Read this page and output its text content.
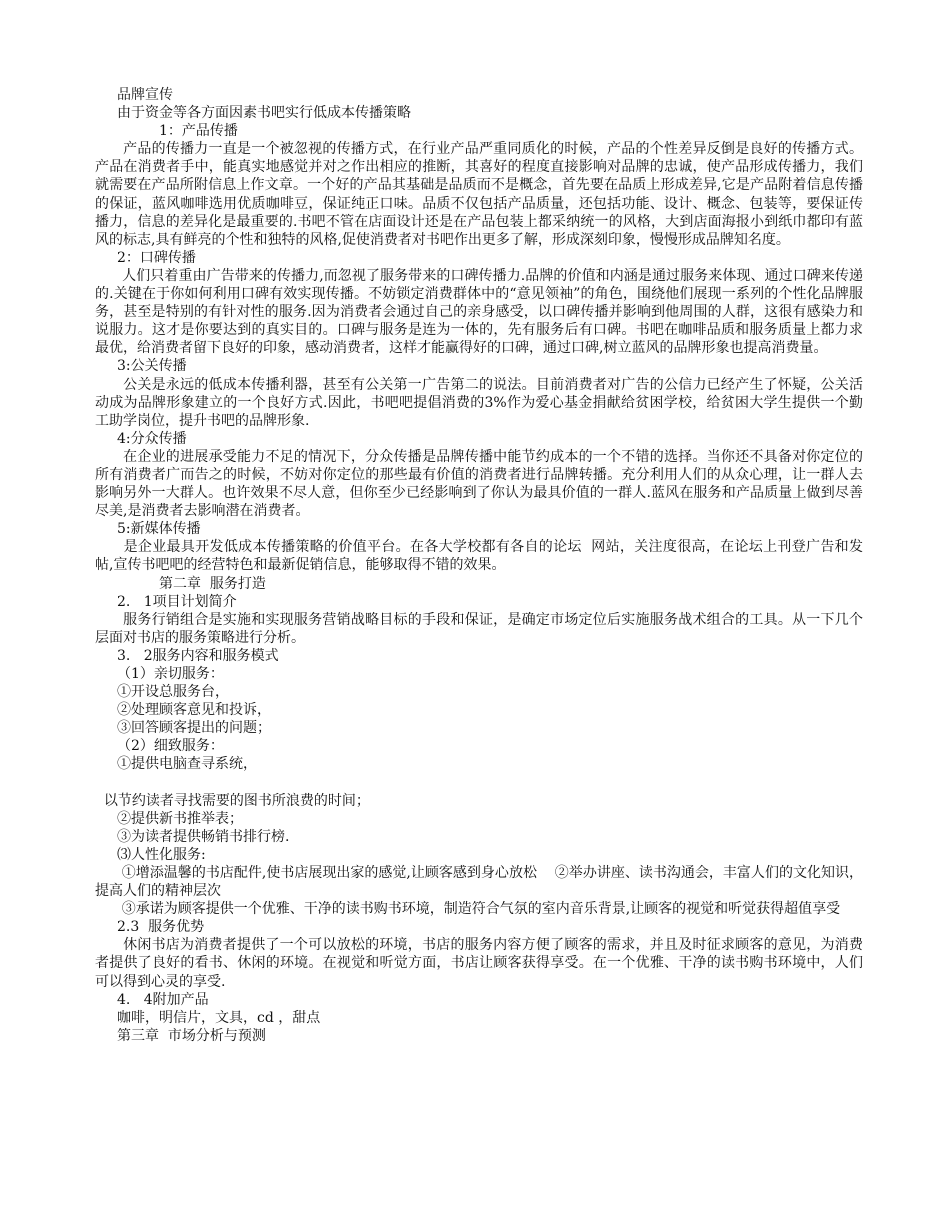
品牌宣传
由于资金等各方面因素书吧实行低成本传播策略
1：产品传播
产品的传播力一直是一个被忽视的传播方式，在行业产品严重同质化的时候，产品的个性差异反倒是良好的传播方式。产品在消费者手中，能真实地感觉并对之作出相应的推断，其喜好的程度直接影响对品牌的忠诚，使产品形成传播力，我们就需要在产品所附信息上作文章。一个好的产品其基础是品质而不是概念，首先要在品质上形成差异,它是产品附着信息传播的保证，蓝风咖啡选用优质咖啡豆，保证纯正口味。品质不仅包括产品质量，还包括功能、设计、概念、包装等，要保证传播力，信息的差异化是最重要的.书吧不管在店面设计还是在产品包装上都采纳统一的风格，大到店面海报小到纸巾都印有蓝风的标志,具有鲜亮的个性和独特的风格,促使消费者对书吧作出更多了解，形成深刻印象，慢慢形成品牌知名度。
2：口碑传播
人们只着重由广告带来的传播力,而忽视了服务带来的口碑传播力.品牌的价值和内涵是通过服务来体现、通过口碑来传递的.关键在于你如何利用口碑有效实现传播。不妨锁定消费群体中的“意见领袖”的角色，围绕他们展现一系列的个性化品牌服务，甚至是特别的有针对性的服务.因为消费者会通过自己的亲身感受，以口碑传播并影响到他周围的人群，这很有感染力和说服力。这才是你要达到的真实目的。口碑与服务是连为一体的，先有服务后有口碑。书吧在咖啡品质和服务质量上都力求最优，给消费者留下良好的印象，感动消费者，这样才能赢得好的口碑，通过口碑,树立蓝风的品牌形象也提高消费量。
3:公关传播
公关是永远的低成本传播利器，甚至有公关第一广告第二的说法。目前消费者对广告的公信力已经产生了怀疑，公关活动成为品牌形象建立的一个良好方式.因此，书吧吧提倡消费的3%作为爱心基金捐献给贫困学校，给贫困大学生提供一个勤工助学岗位，提升书吧的品牌形象.
4:分众传播
在企业的进展承受能力不足的情况下，分众传播是品牌传播中能节约成本的一个不错的选择。当你还不具备对你定位的所有消费者广而告之的时候，不妨对你定位的那些最有价值的消费者进行品牌转播。充分利用人们的从众心理，让一群人去影响另外一大群人。也许效果不尽人意，但你至少已经影响到了你认为最具价值的一群人.蓝风在服务和产品质量上做到尽善尽美,是消费者去影响潜在消费者。
5:新媒体传播
是企业最具开发低成本传播策略的价值平台。在各大学校都有各自的论坛  网站，关注度很高，在论坛上刊登广告和发帖,宣传书吧吧的经营特色和最新促销信息，能够取得不错的效果。
第二章  服务打造
2.   1项目计划简介
服务行销组合是实施和实现服务营销战略目标的手段和保证，是确定市场定位后实施服务战术组合的工具。从一下几个层面对书店的服务策略进行分析。
3.   2服务内容和服务模式
（1）亲切服务：
①开设总服务台，
②处理顾客意见和投诉，
③回答顾客提出的问题；
（2）细致服务：
①提供电脑查寻系统，
以节约读者寻找需要的图书所浪费的时间；
②提供新书推举表；
③为读者提供畅销书排行榜.
⑶人性化服务:
①增添温馨的书店配件,使书店展现出家的感觉,让顾客感到身心放松    ②举办讲座、读书沟通会，丰富人们的文化知识，提高人们的精神层次
③承诺为顾客提供一个优雅、干净的读书购书环境，制造符合气氛的室内音乐背景,让顾客的视觉和听觉获得超值享受
2.3  服务优势
休闲书店为消费者提供了一个可以放松的环境，书店的服务内容方便了顾客的需求，并且及时征求顾客的意见，为消费者提供了良好的看书、休闲的环境。在视觉和听觉方面，书店让顾客获得享受。在一个优雅、干净的读书购书环境中，人们可以得到心灵的享受.
4.   4附加产品
咖啡，明信片，文具，cd ，甜点
第三章  市场分析与预测
